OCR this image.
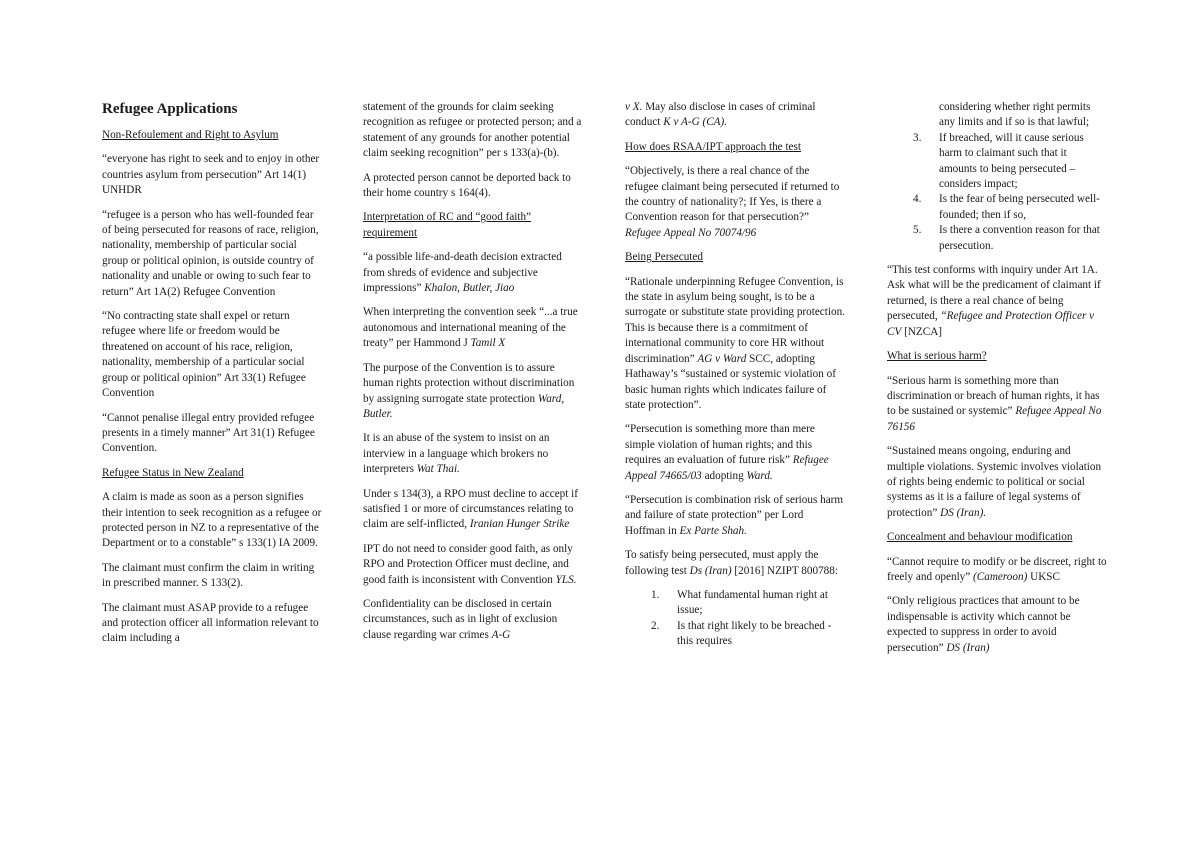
Refugee Applications

Non-Refoulement and Right to Asylum

“everyone has right to seek and to enjoy in other countries asylum from persecution” Art 14(1) UNHDR

“refugee is a person who has well-founded fear of being persecuted for reasons of race, religion, nationality, membership of particular social group or political opinion, is outside country of nationality and unable or owing to such fear to return” Art 1A(2) Refugee Convention

“No contracting state shall expel or return refugee where life or freedom would be threatened on account of his race, religion, nationality, membership of a particular social group or political opinion” Art 33(1) Refugee Convention

“Cannot penalise illegal entry provided refugee presents in a timely manner” Art 31(1) Refugee Convention.

Refugee Status in New Zealand

A claim is made as soon as a person signifies their intention to seek recognition as a refugee or protected person in NZ to a representative of the Department or to a constable” s 133(1) IA 2009.

The claimant must confirm the claim in writing in prescribed manner. S 133(2).

The claimant must ASAP provide to a refugee and protection officer all information relevant to claim including a

statement of the grounds for claim seeking recognition as refugee or protected person; and a statement of any grounds for another potential claim seeking recognition” per s 133(a)-(b).

A protected person cannot be deported back to their home country s 164(4).

Interpretation of RC and “good faith” requirement

“a possible life-and-death decision extracted from shreds of evidence and subjective impressions” Khalon, Butler, Jiao

When interpreting the convention seek “...a true autonomous and international meaning of the treaty” per Hammond J Tamil X

The purpose of the Convention is to assure human rights protection without discrimination by assigning surrogate state protection Ward, Butler.

It is an abuse of the system to insist on an interview in a language which brokers no interpreters Wat Thai.

Under s 134(3), a RPO must decline to accept if satisfied 1 or more of circumstances relating to claim are self-inflicted, Iranian Hunger Strike

IPT do not need to consider good faith, as only RPO and Protection Officer must decline, and good faith is inconsistent with Convention YLS.

Confidentiality can be disclosed in certain circumstances, such as in light of exclusion clause regarding war crimes A-G

v X. May also disclose in cases of criminal conduct K v A-G (CA).

How does RSAA/IPT approach the test

“Objectively, is there a real chance of the refugee claimant being persecuted if returned to the country of nationality?; If Yes, is there a Convention reason for that persecution?” Refugee Appeal No 70074/96

Being Persecuted

“Rationale underpinning Refugee Convention, is the state in asylum being sought, is to be a surrogate or substitute state providing protection. This is because there is a commitment of international community to core HR without discrimination” AG v Ward SCC, adopting Hathaway’s “sustained or systemic violation of basic human rights which indicates failure of state protection”.

“Persecution is something more than mere simple violation of human rights; and this requires an evaluation of future risk” Refugee Appeal 74665/03 adopting Ward.

“Persecution is combination risk of serious harm and failure of state protection” per Lord Hoffman in Ex Parte Shah.

To satisfy being persecuted, must apply the following test Ds (Iran) [2016] NZIPT 800788:

1. What fundamental human right at issue;
2. Is that right likely to be breached - this requires
considering whether right permits any limits and if so is that lawful;
3. If breached, will it cause serious harm to claimant such that it amounts to being persecuted – considers impact;
4. Is the fear of being persecuted well-founded; then if so,
5. Is there a convention reason for that persecution.

“This test conforms with inquiry under Art 1A. Ask what will be the predicament of claimant if returned, is there a real chance of being persecuted, “Refugee and Protection Officer v CV [NZCA]

What is serious harm?

“Serious harm is something more than discrimination or breach of human rights, it has to be sustained or systemic” Refugee Appeal No 76156

“Sustained means ongoing, enduring and multiple violations. Systemic involves violation of rights being endemic to political or social systems as it is a failure of legal systems of protection” DS (Iran).

Concealment and behaviour modification

“Cannot require to modify or be discreet, right to freely and openly” (Cameroon) UKSC

“Only religious practices that amount to be indispensable is activity which cannot be expected to suppress in order to avoid persecution” DS (Iran)
